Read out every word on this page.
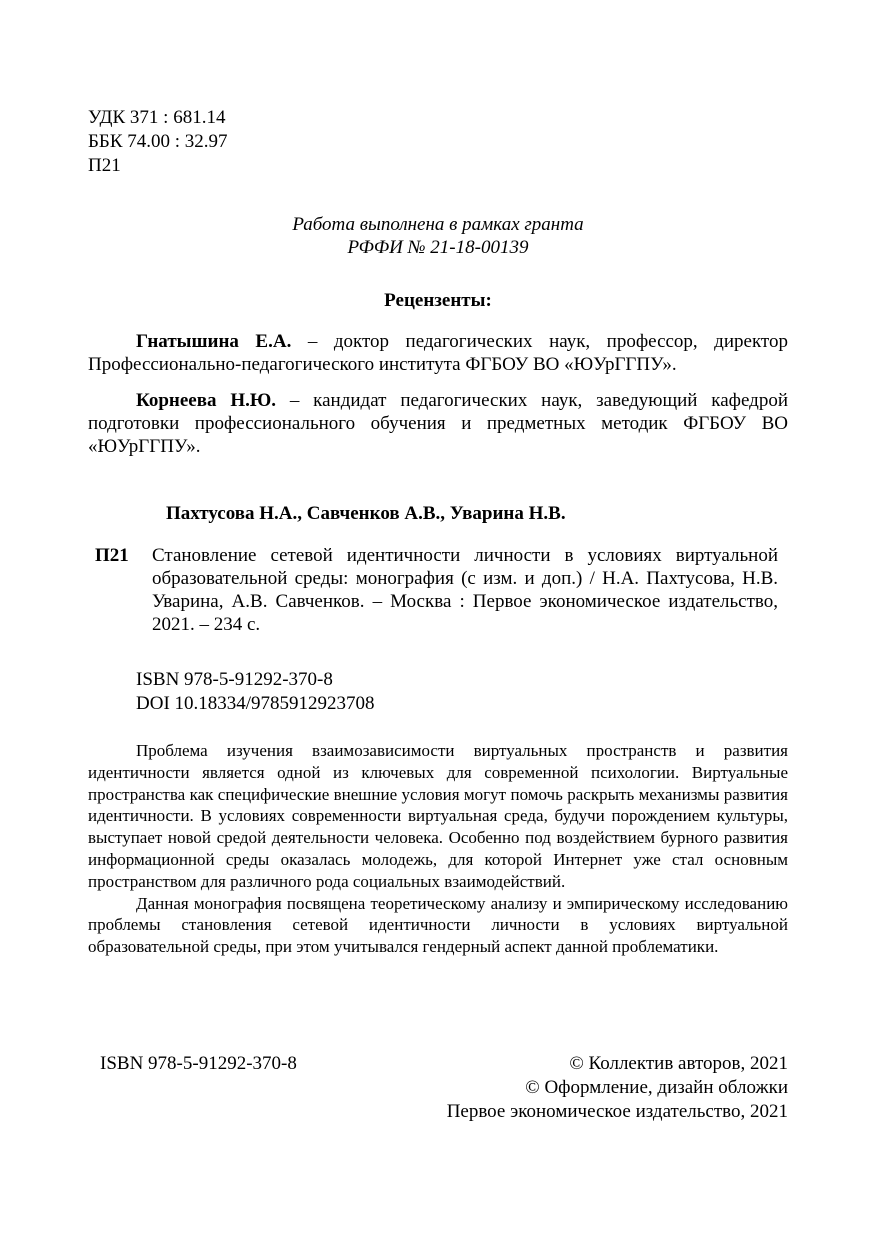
УДК 371 : 681.14
ББК 74.00 : 32.97
П21
Работа выполнена в рамках гранта
РФФИ № 21-18-00139
Рецензенты:
Гнатышина Е.А. – доктор педагогических наук, профессор, директор Профессионально-педагогического института ФГБОУ ВО «ЮУрГГПУ».
Корнеева Н.Ю. – кандидат педагогических наук, заведующий кафедрой подготовки профессионального обучения и предметных методик ФГБОУ ВО «ЮУрГГПУ».
Пахтусова Н.А., Савченков А.В., Уварина Н.В.
П21 Становление сетевой идентичности личности в условиях виртуальной образовательной среды: монография (с изм. и доп.) / Н.А. Пахтусова, Н.В. Уварина, А.В. Савченков. – Москва : Первое экономическое издательство, 2021. – 234 с.
ISBN 978-5-91292-370-8
DOI 10.18334/9785912923708

Проблема изучения взаимозависимости виртуальных пространств и развития идентичности является одной из ключевых для современной психологии. Виртуальные пространства как специфические внешние условия могут помочь раскрыть механизмы развития идентичности. В условиях современности виртуальная среда, будучи порождением культуры, выступает новой средой деятельности человека. Особенно под воздействием бурного развития информационной среды оказалась молодежь, для которой Интернет уже стал основным пространством для различного рода социальных взаимодействий.

Данная монография посвящена теоретическому анализу и эмпирическому исследованию проблемы становления сетевой идентичности личности в условиях виртуальной образовательной среды, при этом учитывался гендерный аспект данной проблематики.

ISBN 978-5-91292-370-8	© Коллектив авторов, 2021
© Оформление, дизайн обложки
Первое экономическое издательство, 2021
